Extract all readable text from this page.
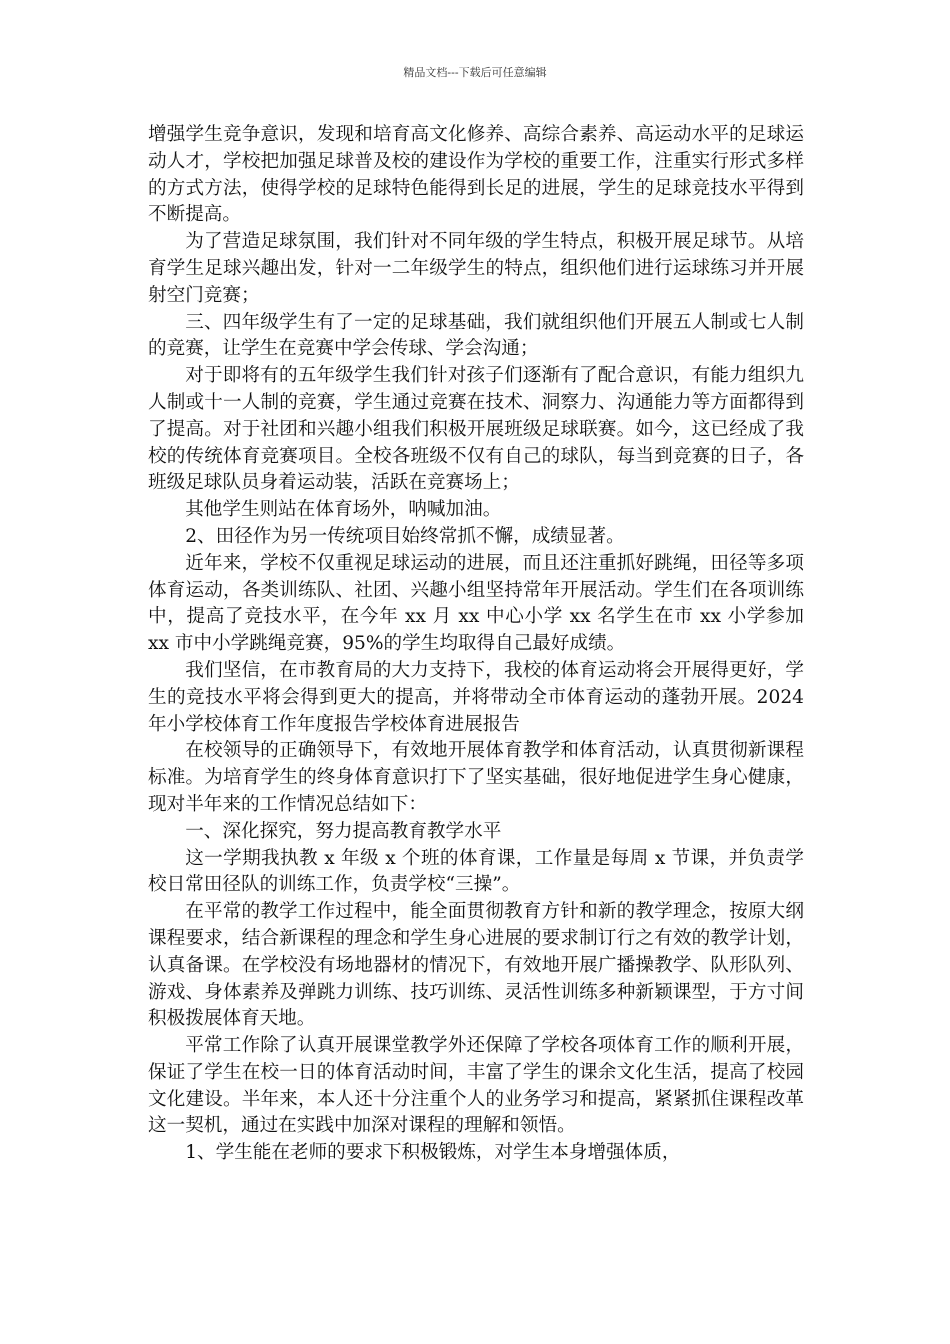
精品文档---下载后可任意编辑

增强学生竞争意识，发现和培育高文化修养、高综合素养、高运动水平的足球运动人才，学校把加强足球普及校的建设作为学校的重要工作，注重实行形式多样的方式方法，使得学校的足球特色能得到长足的进展，学生的足球竞技水平得到不断提高。

为了营造足球氛围，我们针对不同年级的学生特点，积极开展足球节。从培育学生足球兴趣出发，针对一二年级学生的特点，组织他们进行运球练习并开展射空门竞赛；

三、四年级学生有了一定的足球基础，我们就组织他们开展五人制或七人制的竞赛，让学生在竞赛中学会传球、学会沟通；

对于即将有的五年级学生我们针对孩子们逐渐有了配合意识，有能力组织九人制或十一人制的竞赛，学生通过竞赛在技术、洞察力、沟通能力等方面都得到了提高。对于社团和兴趣小组我们积极开展班级足球联赛。如今，这已经成了我校的传统体育竞赛项目。全校各班级不仅有自己的球队，每当到竞赛的日子，各班级足球队员身着运动装，活跃在竞赛场上；

其他学生则站在体育场外，呐喊加油。

2、田径作为另一传统项目始终常抓不懈，成绩显著。

近年来，学校不仅重视足球运动的进展，而且还注重抓好跳绳，田径等多项体育运动，各类训练队、社团、兴趣小组坚持常年开展活动。学生们在各项训练中，提高了竞技水平，在今年 xx 月 xx 中心小学 xx 名学生在市 xx 小学参加 xx 市中小学跳绳竞赛，95%的学生均取得自己最好成绩。

我们坚信，在市教育局的大力支持下，我校的体育运动将会开展得更好，学生的竞技水平将会得到更大的提高，并将带动全市体育运动的蓬勃开展。2024 年小学校体育工作年度报告学校体育进展报告

在校领导的正确领导下，有效地开展体育教学和体育活动，认真贯彻新课程标准。为培育学生的终身体育意识打下了坚实基础，很好地促进学生身心健康，现对半年来的工作情况总结如下：

一、深化探究，努力提高教育教学水平

这一学期我执教 x 年级 x 个班的体育课，工作量是每周 x 节课，并负责学校日常田径队的训练工作，负责学校“三操”。

在平常的教学工作过程中，能全面贯彻教育方针和新的教学理念，按原大纲课程要求，结合新课程的理念和学生身心进展的要求制订行之有效的教学计划，认真备课。在学校没有场地器材的情况下，有效地开展广播操教学、队形队列、游戏、身体素养及弹跳力训练、技巧训练、灵活性训练多种新颖课型，于方寸间积极拨展体育天地。

平常工作除了认真开展课堂教学外还保障了学校各项体育工作的顺利开展，保证了学生在校一日的体育活动时间，丰富了学生的课余文化生活，提高了校园文化建设。半年来，本人还十分注重个人的业务学习和提高，紧紧抓住课程改革这一契机，通过在实践中加深对课程的理解和领悟。

1、学生能在老师的要求下积极锻炼，对学生本身增强体质，
